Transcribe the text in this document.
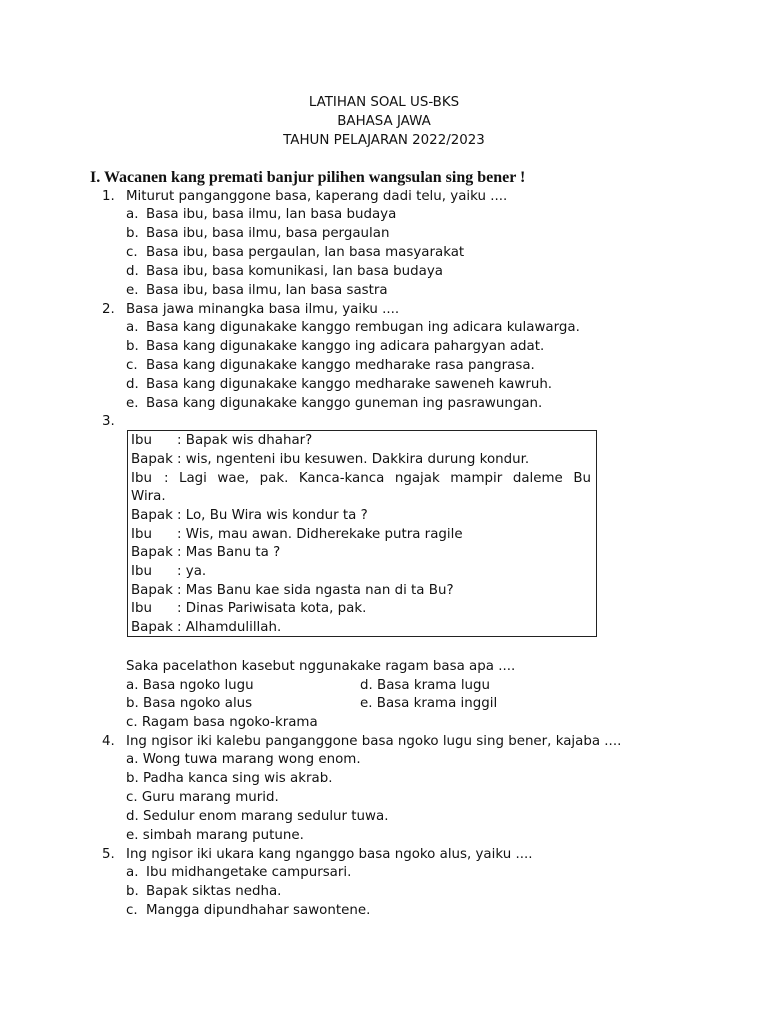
LATIHAN SOAL US-BKS
BAHASA JAWA
TAHUN PELAJARAN 2022/2023
I. Wacanen kang premati banjur pilihen wangsulan sing bener !
1. Miturut panganggone basa, kaperang dadi telu, yaiku ....
a. Basa ibu, basa ilmu, lan basa budaya
b. Basa ibu, basa ilmu, basa pergaulan
c. Basa ibu, basa pergaulan, lan basa masyarakat
d. Basa ibu, basa komunikasi, lan basa budaya
e. Basa ibu, basa ilmu, lan basa sastra
2. Basa jawa minangka basa ilmu, yaiku ....
a. Basa kang digunakake kanggo rembugan ing adicara kulawarga.
b. Basa kang digunakake kanggo ing adicara pahargyan adat.
c. Basa kang digunakake kanggo medharake rasa pangrasa.
d. Basa kang digunakake kanggo medharake saweneh kawruh.
e. Basa kang digunakake kanggo guneman ing pasrawungan.
3.
Ibu : Bapak wis dhahar?
Bapak : wis, ngenteni ibu kesuwen. Dakkira durung kondur.
Ibu : Lagi wae, pak. Kanca-kanca ngajak mampir daleme Bu
Wira.
Bapak : Lo, Bu Wira wis kondur ta ?
Ibu : Wis, mau awan. Didherekake putra ragile
Bapak : Mas Banu ta ?
Ibu : ya.
Bapak : Mas Banu kae sida ngasta nan di ta Bu?
Ibu : Dinas Pariwisata kota, pak.
Bapak : Alhamdulillah.
Saka pacelathon kasebut nggunakake ragam basa apa ....
a. Basa ngoko lugu	d. Basa krama lugu
b. Basa ngoko alus	e. Basa krama inggil
c. Ragam basa ngoko-krama
4. Ing ngisor iki kalebu panganggone basa ngoko lugu sing bener, kajaba ....
a. Wong tuwa marang wong enom.
b. Padha kanca sing wis akrab.
c. Guru marang murid.
d. Sedulur enom marang sedulur tuwa.
e. simbah marang putune.
5. Ing ngisor iki ukara kang nganggo basa ngoko alus, yaiku ....
a. Ibu midhangetake campursari.
b. Bapak siktas nedha.
c. Mangga dipundhahar sawontene.
